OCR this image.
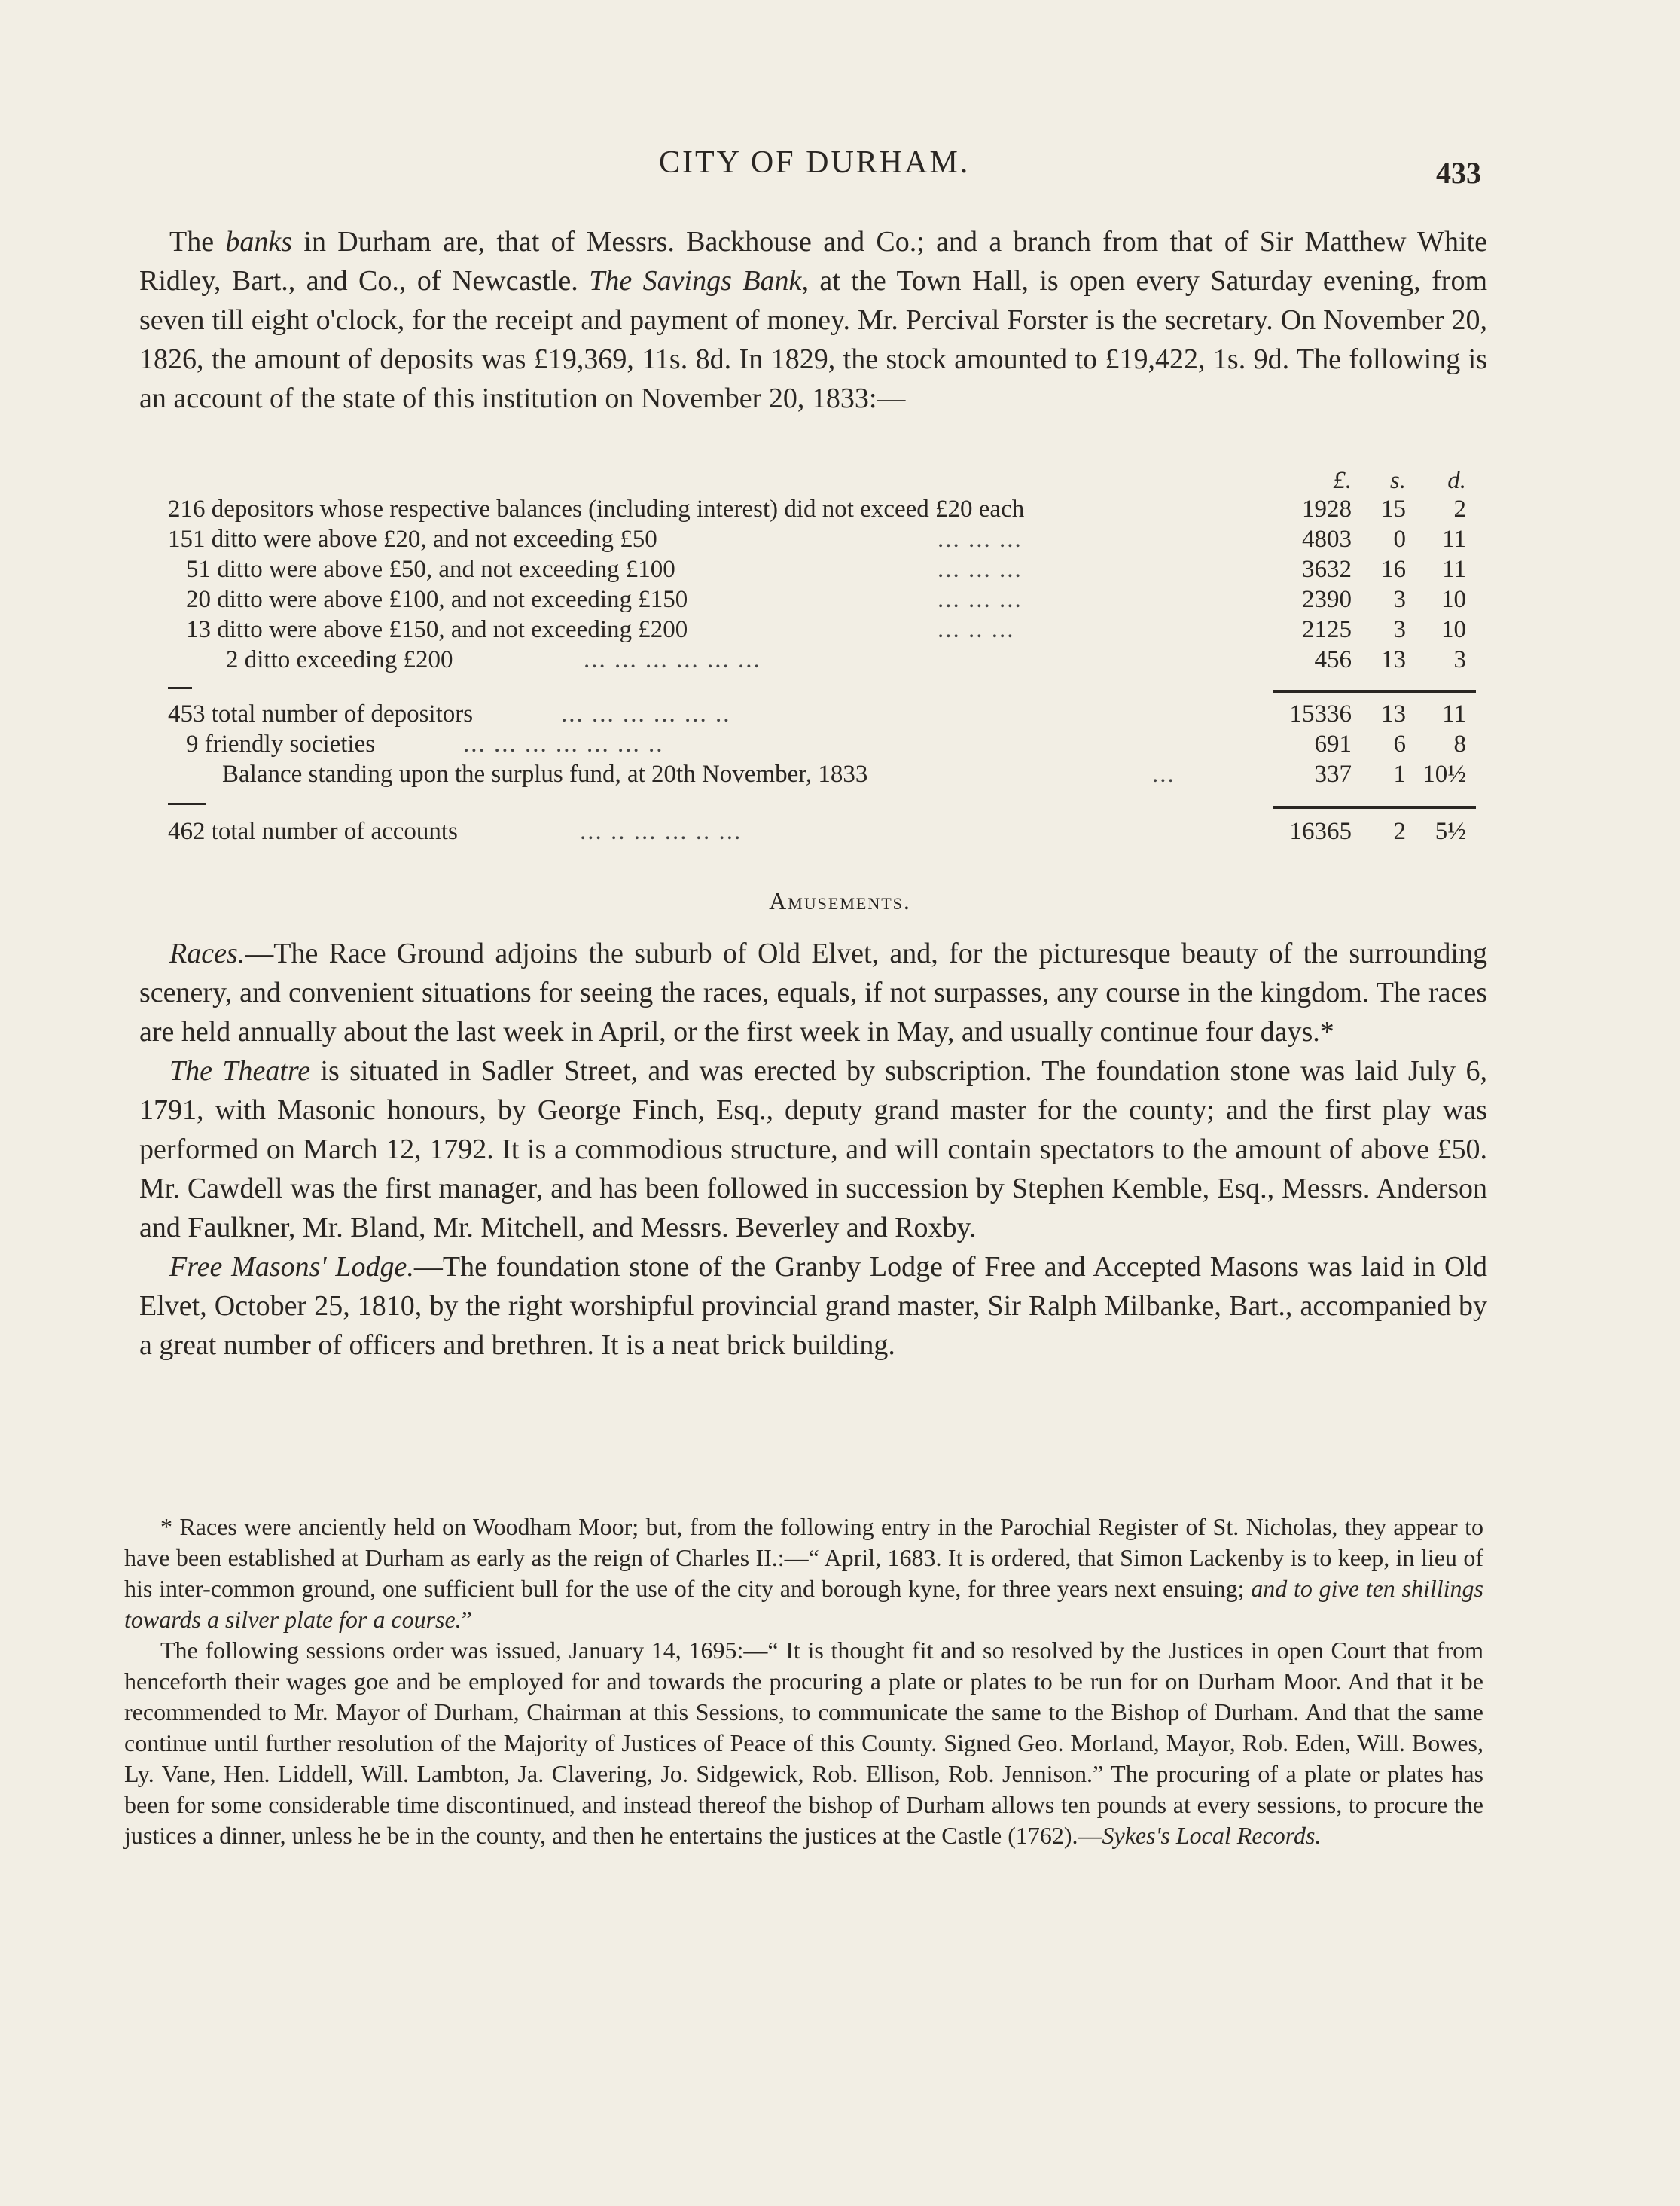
CITY OF DURHAM.	433

The banks in Durham are, that of Messrs. Backhouse and Co.; and a branch from that of Sir Matthew White Ridley, Bart., and Co., of Newcastle. The Savings Bank, at the Town Hall, is open every Saturday evening, from seven till eight o'clock, for the receipt and payment of money. Mr. Percival Forster is the secretary. On November 20, 1826, the amount of deposits was £19,369, 11s. 8d. In 1829, the stock amounted to £19,422, 1s. 9d. The following is an account of the state of this institution on November 20, 1833:—

£.	s.	d.
216 depositors whose respective balances (including interest) did not exceed £20 each	1928	15	2
151 ditto were above £20, and not exceeding £50	... ... ...	4803	0	11
51 ditto were above £50, and not exceeding £100	... ... ...	3632	16	11
20 ditto were above £100, and not exceeding £150	... ... ...	2390	3	10
13 ditto were above £150, and not exceeding £200	... .. ...	2125	3	10
2 ditto exceeding £200	... ... ... ... ... ...	456	13	3
453 total number of depositors	... ... ... ... ... ..	15336	13	11
9 friendly societies	... ... ... ... ... ... ..	691	6	8
Balance standing upon the surplus fund, at 20th November, 1833	...	337	1 10½
462 total number of accounts	... .. ... ... .. ...	16365	2	5½
Amusements.

Races.—The Race Ground adjoins the suburb of Old Elvet, and, for the picturesque beauty of the surrounding scenery, and convenient situations for seeing the races, equals, if not surpasses, any course in the kingdom. The races are held annually about the last week in April, or the first week in May, and usually continue four days.*

The Theatre is situated in Sadler Street, and was erected by subscription. The foundation stone was laid July 6, 1791, with Masonic honours, by George Finch, Esq., deputy grand master for the county; and the first play was performed on March 12, 1792. It is a commodious structure, and will contain spectators to the amount of above £50. Mr. Cawdell was the first manager, and has been followed in succession by Stephen Kemble, Esq., Messrs. Anderson and Faulkner, Mr. Bland, Mr. Mitchell, and Messrs. Beverley and Roxby.

Free Masons' Lodge.—The foundation stone of the Granby Lodge of Free and Accepted Masons was laid in Old Elvet, October 25, 1810, by the right worshipful provincial grand master, Sir Ralph Milbanke, Bart., accompanied by a great number of officers and brethren. It is a neat brick building.

* Races were anciently held on Woodham Moor; but, from the following entry in the Parochial Register of St. Nicholas, they appear to have been established at Durham as early as the reign of Charles II.:—“ April, 1683. It is ordered, that Simon Lackenby is to keep, in lieu of his inter-common ground, one sufficient bull for the use of the city and borough kyne, for three years next ensuing; and to give ten shillings towards a silver plate for a course.”

The following sessions order was issued, January 14, 1695:—“ It is thought fit and so resolved by the Justices in open Court that from henceforth their wages goe and be employed for and towards the procuring a plate or plates to be run for on Durham Moor. And that it be recommended to Mr. Mayor of Durham, Chairman at this Sessions, to communicate the same to the Bishop of Durham. And that the same continue until further resolution of the Majority of Justices of Peace of this County. Signed Geo. Morland, Mayor, Rob. Eden, Will. Bowes, Ly. Vane, Hen. Liddell, Will. Lambton, Ja. Clavering, Jo. Sidgewick, Rob. Ellison, Rob. Jennison.” The procuring of a plate or plates has been for some considerable time discontinued, and instead thereof the bishop of Durham allows ten pounds at every sessions, to procure the justices a dinner, unless he be in the county, and then he entertains the justices at the Castle (1762).—Sykes's Local Records.
